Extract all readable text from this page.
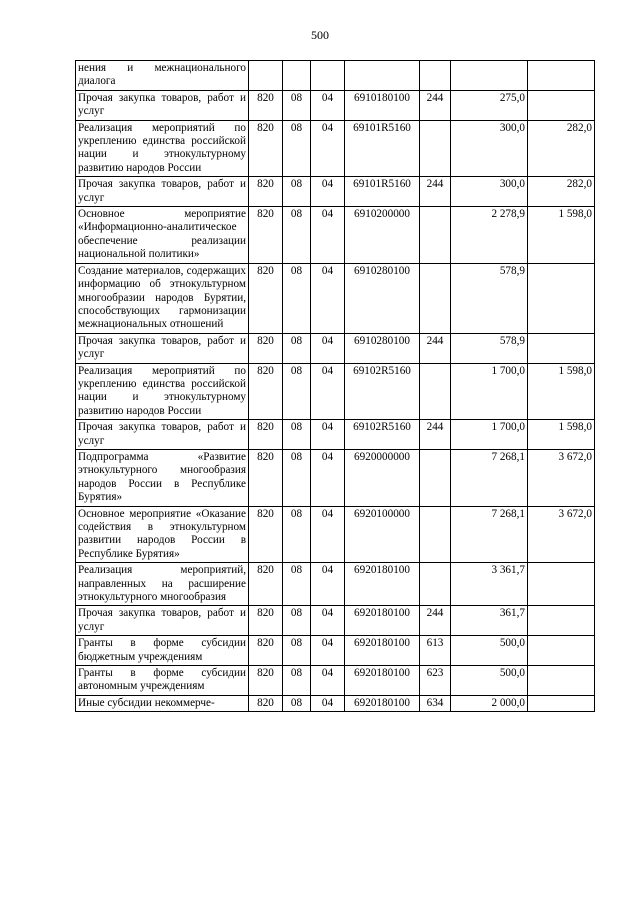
500
нения и межнационального диалога							
Прочая закупка товаров, работ и услуг	820	08	04	6910180100	244	275,0	
Реализация мероприятий по укреплению единства российской нации и этнокультурному развитию народов России	820	08	04	69101R5160		300,0	282,0
Прочая закупка товаров, работ и услуг	820	08	04	69101R5160	244	300,0	282,0
Основное мероприятие «Информационно-аналитическое обеспечение реализации национальной политики»	820	08	04	6910200000		2 278,9	1 598,0
Создание материалов, содержащих информацию об этнокультурном многообразии народов Бурятии, способствующих гармонизации межнациональных отношений	820	08	04	6910280100		578,9	
Прочая закупка товаров, работ и услуг	820	08	04	6910280100	244	578,9	
Реализация мероприятий по укреплению единства российской нации и этнокультурному развитию народов России	820	08	04	69102R5160		1 700,0	1 598,0
Прочая закупка товаров, работ и услуг	820	08	04	69102R5160	244	1 700,0	1 598,0
Подпрограмма «Развитие этнокультурного многообразия народов России в Республике Бурятия»	820	08	04	6920000000		7 268,1	3 672,0
Основное мероприятие «Оказание содействия в этнокультурном развитии народов России в Республике Бурятия»	820	08	04	6920100000		7 268,1	3 672,0
Реализация мероприятий, направленных на расширение этнокультурного многообразия	820	08	04	6920180100		3 361,7	
Прочая закупка товаров, работ и услуг	820	08	04	6920180100	244	361,7	
Гранты в форме субсидии бюджетным учреждениям	820	08	04	6920180100	613	500,0	
Гранты в форме субсидии автономным учреждениям	820	08	04	6920180100	623	500,0	
Иные субсидии некоммерче-	820	08	04	6920180100	634	2 000,0	
